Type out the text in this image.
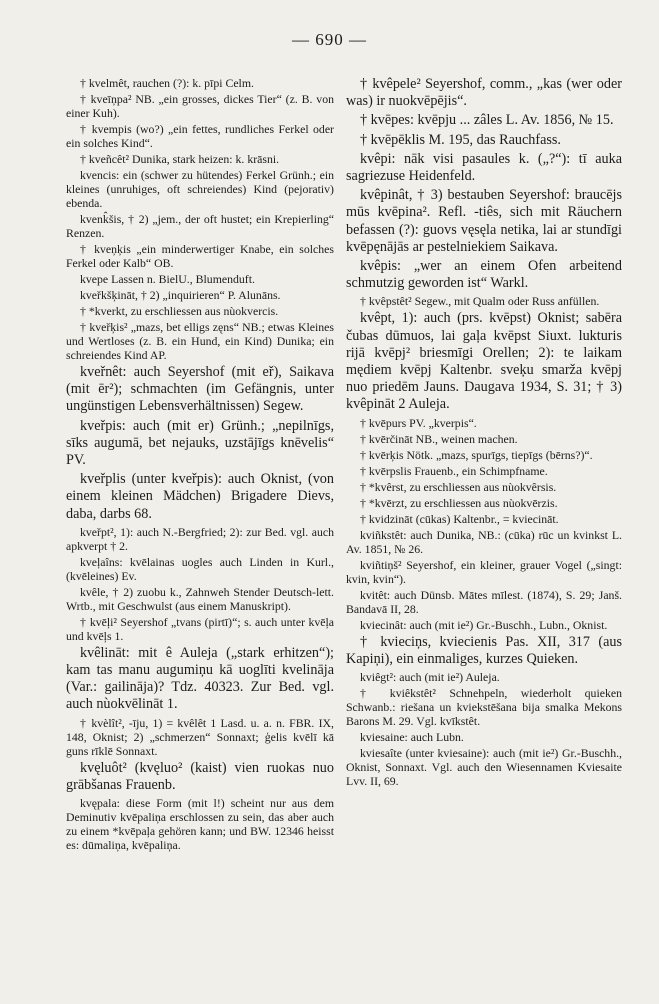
— 690 —

† kvelmêt, rauchen (?): k. pīpi Celm.

† kveīņpa² NB. „ein grosses, dickes Tier“ (z. B. von einer Kuh).

† kvempis (wo?) „ein fettes, rundliches Ferkel oder ein solches Kind“.

† kveñcêt² Dunika, stark heizen: k. krāsni.

kvencis: ein (schwer zu hütendes) Ferkel Grünh.; ein kleines (unruhiges, oft schreiendes) Kind (pejorativ) ebenda.

kvenk̂šis, † 2) „jem., der oft hustet; ein Krepierling“ Renzen.

† kveņķis „ein minderwertiger Knabe, ein solches Ferkel oder Kalb“ OB.

kvepe Lassen n. BielU., Blumenduft.

kveřkšķināt, † 2) „inquirieren“ P. Alunāns.

† *kverkt, zu erschliessen aus nùokvercis.

† kveřķis² „mazs, bet elligs zęns“ NB.; etwas Kleines und Wertloses (z. B. ein Hund, ein Kind) Dunika; ein schreiendes Kind AP.

kveřnêt: auch Seyershof (mit eř), Saikava (mit ēr²); schmachten (im Gefängnis, unter ungünstigen Lebensverhältnissen) Segew.

kveřpis: auch (mit er) Grünh.; „nepilnīgs, sīks augumā, bet nejauks, uzstājīgs knēvelis“ PV.

kveřplis (unter kveřpis): auch Oknist, (von einem kleinen Mädchen) Brigadere Dievs, daba, darbs 68.

kveřpt², 1): auch N.-Bergfried; 2): zur Bed. vgl. auch apkverpt † 2.

kveļaîns: kvēlainas uogles auch Linden in Kurl., (kvēleines) Ev.

kvêle, † 2) zuobu k., Zahnweh Stender Deutsch-lett. Wrtb., mit Geschwulst (aus einem Manuskript).

† kvēļi² Seyershof „tvans (pirtī)“; s. auch unter kvēļa und kvēļs 1.

kvêlināt: mit ê Auleja („stark erhitzen“); kam tas manu augumiņu kā uoglīti kvelināja (Var.: gailināja)? Tdz. 40323. Zur Bed. vgl. auch nùokvēlināt 1.

† kvèlît², -īju, 1) = kvêlêt 1 Lasd. u. a. n. FBR. IX, 148, Oknist; 2) „schmerzen“ Sonnaxt; ģelis kvēlī kā guns rīklē Sonnaxt.

kvęluôt² (kvęluo² (kaist) vien ruokas nuo grābšanas Frauenb.

kvępala: diese Form (mit l!) scheint nur aus dem Deminutiv kvēpaliņa erschlossen zu sein, das aber auch zu einem *kvēpaļa gehören kann; und BW. 12346 heisst es: dūmaliņa, kvēpaliņa.

† kvêpele² Seyershof, comm., „kas (wer oder was) ir nuokvēpējis“.

† kvēpes: kvēpju ... zâles L. Av. 1856, № 15.

† kvēpēklis M. 195, das Rauchfass.

kvêpi: nāk visi pasaules k. („?“): tī auka sagriezuse Heidenfeld.

kvêpinât, † 3) bestauben Seyershof: braucējs mūs kvēpina². Refl. -tiês, sich mit Räuchern befassen (?): guovs vęsęla netika, lai ar stundīgi kvēpęnājās ar pestelniekiem Saikava.

kvêpis: „wer an einem Ofen arbeitend schmutzig geworden ist“ Warkl.

† kvêpstêt² Segew., mit Qualm oder Russ anfüllen.

kvêpt, 1): auch (prs. kvēpst) Oknist; sabēra čubas dūmuos, lai gaļa kvēpst Siuxt. lukturis rijā kvēpj² briesmīgi Orellen; 2): te laikam mędiem kvēpj Kaltenbr. sveķu smarža kvēpj nuo priedēm Jauns. Daugava 1934, S. 31; † 3) kvêpināt 2 Auleja.

† kvēpurs PV. „kverpis“.

† kvērčināt NB., weinen machen.

† kvērķis Nötk. „mazs, spurīgs, tiepīgs (bērns?)“.

† kvērpslis Frauenb., ein Schimpfname.

† *kvêrst, zu erschliessen aus nùokvêrsis.

† *kvērzt, zu erschliessen aus nùokvērzis.

† kvidzināt (cūkas) Kaltenbr., = kviecināt.

kviñkstêt: auch Dunika, NB.: (cūka) rūc un kvinkst L. Av. 1851, № 26.

kviñtiņš² Seyershof, ein kleiner, grauer Vogel („singt: kvin, kvin“).

kvitêt: auch Dünsb. Mātes mīlest. (1874), S. 29; Janš. Bandavā II, 28.

kviecinât: auch (mit ie²) Gr.-Buschh., Lubn., Oknist.

† kvieciņs, kviecienis Pas. XII, 317 (aus Kapiņi), ein einmaliges, kurzes Quieken.

kviêgt²: auch (mit ie²) Auleja.

† kviêkstêt² Schnehpeln, wiederholt quieken Schwanb.: riešana un kviekstēšana bija smalka Mekons Barons M. 29. Vgl. kvīkstêt.

kviesaine: auch Lubn.

kviesaîte (unter kviesaine): auch (mit ie²) Gr.-Buschh., Oknist, Sonnaxt. Vgl. auch den Wiesennamen Kviesaite Lvv. II, 69.
